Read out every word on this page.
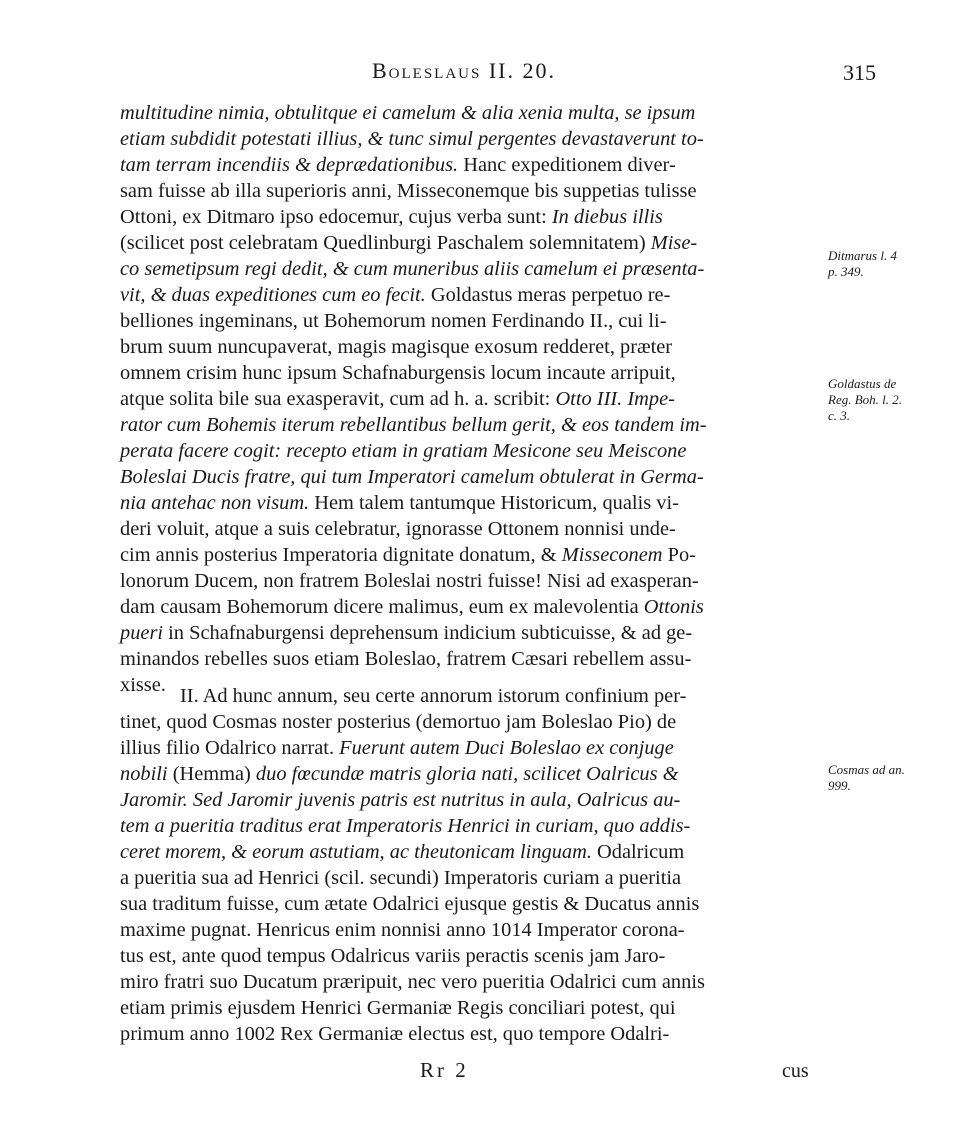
Boleslaus II. 20.	315
multitudine nimia, obtulitque ei camelum & alia xenia multa, se ipsum
etiam subdidit potestati illius, & tunc simul pergentes devastaverunt to-
tam terram incendiis & deprædationibus. Hanc expeditionem diver-
sam fuisse ab illa superioris anni, Misseconemque bis suppetias tulisse
Ottoni, ex Ditmaro ipso edocemur, cujus verba sunt: In diebus illis
(scilicet post celebratam Quedlinburgi Paschalem solemnitatem) Mise-
co semetipsum regi dedit, & cum muneribus aliis camelum ei præsenta-
vit, & duas expeditiones cum eo fecit. Goldastus meras perpetuo re-
belliones ingeminans, ut Bohemorum nomen Ferdinando II., cui li-
brum suum nuncupaverat, magis magisque exosum redderet, præter
omnem crisim hunc ipsum Schafnaburgensis locum incaute arripuit,
atque solita bile sua exasperavit, cum ad h. a. scribit: Otto III. Impe-
rator cum Bohemis iterum rebellantibus bellum gerit, & eos tandem im-
perata facere cogit: recepto etiam in gratiam Mesicone seu Meiscone
Boleslai Ducis fratre, qui tum Imperatori camelum obtulerat in Germa-
nia antehac non visum. Hem talem tantumque Historicum, qualis vi-
deri voluit, atque a suis celebratur, ignorasse Ottonem nonnisi unde-
cim annis posterius Imperatoria dignitate donatum, & Misseconem Po-
lonorum Ducem, non fratrem Boleslai nostri fuisse! Nisi ad exasperan-
dam causam Bohemorum dicere malimus, eum ex malevolentia Ottonis
pueri in Schafnaburgensi deprehensum indicium subticuisse, & ad ge-
minandos rebelles suos etiam Boleslao, fratrem Cæsari rebellem assu-
xisse. II. Ad hunc annum, seu certe annorum istorum confinium per-
tinet, quod Cosmas noster posterius (demortuo jam Boleslao Pio) de
illius filio Odalrico narrat. Fuerunt autem Duci Boleslao ex conjuge
nobili (Hemma) duo fœcundæ matris gloria nati, scilicet Oalricus &
Jaromir. Sed Jaromir juvenis patris est nutritus in aula, Oalricus au-
tem a pueritia traditus erat Imperatoris Henrici in curiam, quo addis-
ceret morem, & eorum astutiam, ac theutonicam linguam. Odalricum
a pueritia sua ad Henrici (scil. secundi) Imperatoris curiam a pueritia
sua traditum fuisse, cum ætate Odalrici ejusque gestis & Ducatus annis
maxime pugnat. Henricus enim nonnisi anno 1014 Imperator corona-
tus est, ante quod tempus Odalricus variis peractis scenis jam Jaro-
miro fratri suo Ducatum præripuit, nec vero pueritia Odalrici cum annis
etiam primis ejusdem Henrici Germaniæ Regis conciliari potest, qui
primum anno 1002 Rex Germaniæ electus est, quo tempore Odalri-
Ditmarus l. 4
p. 349.
Goldastus de
Reg. Boh. l. 2.
c. 3.
Cosmas ad an.
999.
Rr 2	cus
